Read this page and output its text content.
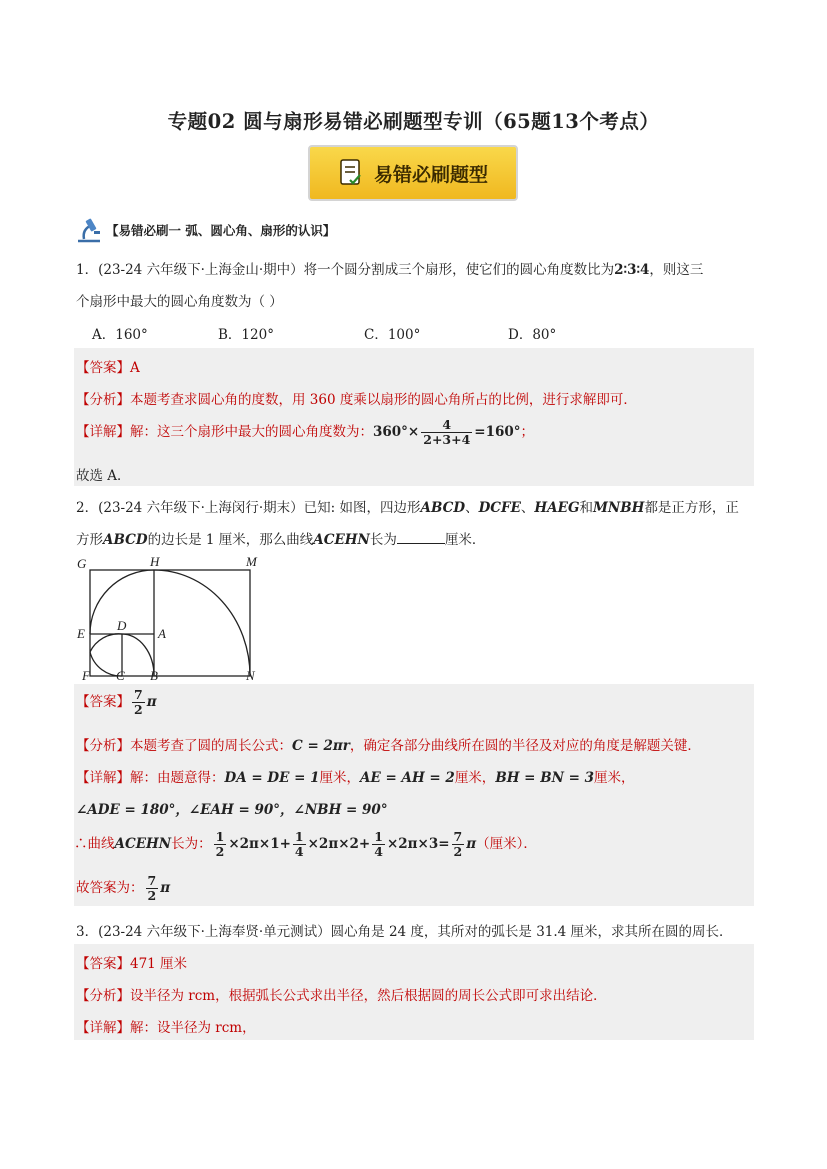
专题02 圆与扇形易错必刷题型专训（65题13个考点）
易错必刷题型
【易错必刷一 弧、圆心角、扇形的认识】
1．(23-24 六年级下·上海金山·期中）将一个圆分割成三个扇形，使它们的圆心角度数比为2∶3∶4，则这三
个扇形中最大的圆心角度数为（ ）
A．160°	B．120°	C．100°	D．80°
【答案】A
【分析】本题考查求圆心角的度数，用 360 度乘以扇形的圆心角所占的比例，进行求解即可．
【详解】解：这三个扇形中最大的圆心角度数为：$360^\circ\times \frac{4}{2+3+4} =160^\circ$；
故选 A．
2．(23-24 六年级下·上海闵行·期末）已知: 如图，四边形ABCD、DCFE、HAEG和MNBH都是正方形，正
方形ABCD的边长是 1 厘米，那么曲线ACEHN长为	厘米．
G	H	M
D
E	A
F C B	N
【答案】 $\frac{7}{2}$ π
【分析】本题考查了圆的周长公式：C = 2πr，确定各部分曲线所在圆的半径及对应的角度是解题关键．
【详解】解：由题意得：DA = DE = 1厘米，AE = AH = 2厘米，BH = BN = 3厘米，
∠ADE = 180°，∠EAH = 90°，∠NBH = 90°
∴曲线ACEHN长为： $\frac{1}{2} \times 2\pi\times 1+ \frac{1}{4} \times 2\pi\times 2+ \frac{1}{4} \times 2\pi\times 3= \frac{7}{2} \pi$（厘米）．
故答案为： $\frac{7}{2}$ π
3．(23-24 六年级下·上海奉贤·单元测试）圆心角是 24 度，其所对的弧长是 31.4 厘米，求其所在圆的周长．
【答案】471 厘米
【分析】设半径为 rcm，根据弧长公式求出半径，然后根据圆的周长公式即可求出结论．
【详解】解：设半径为 rcm，
